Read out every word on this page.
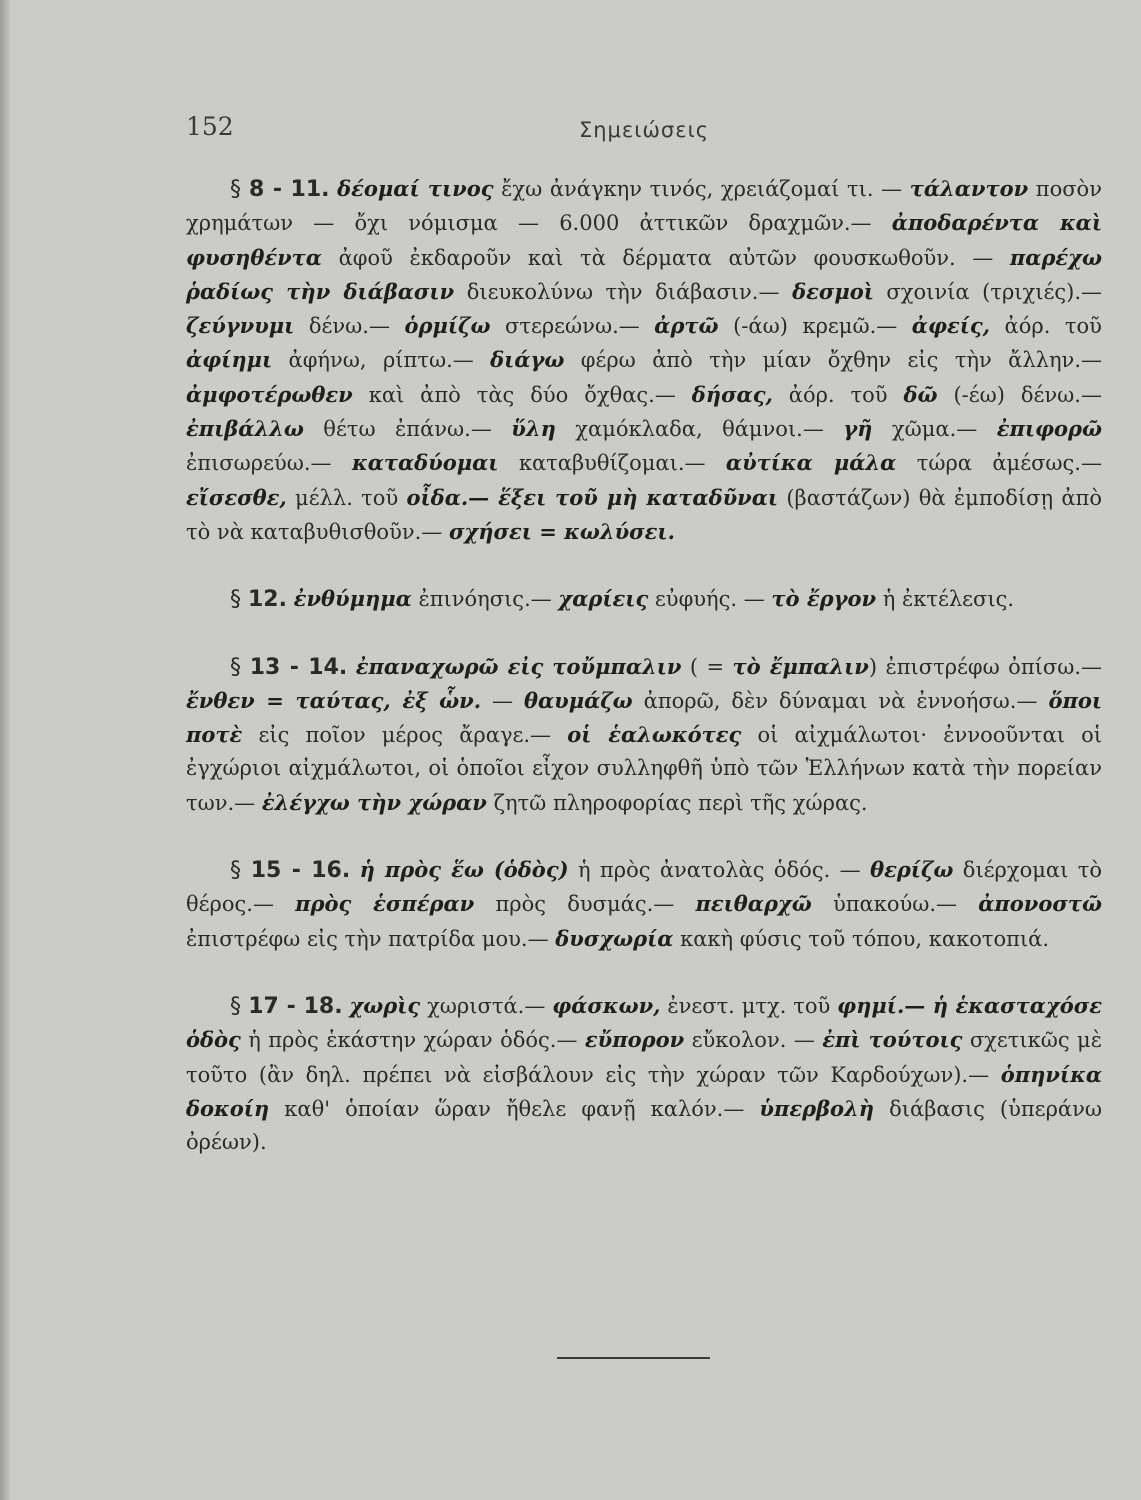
152	Σημειώσεις

§ 8 - 11. δέομαί τινος ἔχω ἀνάγκην τινός, χρειάζομαί τι. — τάλαντον ποσὸν χρημάτων — ὄχι νόμισμα — 6.000 ἀττικῶν δραχμῶν.— ἀποδαρέντα καὶ φυσηθέντα ἀφοῦ ἐκδαροῦν καὶ τὰ δέρματα αὐτῶν φουσκωθοῦν. — παρέχω ῥαδίως τὴν διάβασιν διευκολύνω τὴν διάβασιν.— δεσμοὶ σχοινία (τριχιές).— ζεύγνυμι δένω.— ὁρμίζω στερεώνω.— ἀρτῶ (-άω) κρεμῶ.— ἀφείς, ἀόρ. τοῦ ἀφίημι ἀφήνω, ρίπτω.— διάγω φέρω ἀπὸ τὴν μίαν ὄχθην εἰς τὴν ἄλλην.— ἀμφοτέρωθεν καὶ ἀπὸ τὰς δύο ὄχθας.— δήσας, ἀόρ. τοῦ δῶ (-έω) δένω.— ἐπιβάλλω θέτω ἐπάνω.— ὕλη χαμόκλαδα, θάμνοι.— γῆ χῶμα.— ἐπιφορῶ ἐπισωρεύω.— καταδύομαι καταβυθίζομαι.— αὐτίκα μάλα τώρα ἀμέσως.— εἴσεσθε, μέλλ. τοῦ οἶδα.— ἕξει τοῦ μὴ καταδῦναι (βαστάζων) θὰ ἐμποδίσῃ ἀπὸ τὸ νὰ καταβυθισθοῦν.— σχήσει = κωλύσει.

§ 12. ἐνθύμημα ἐπινόησις.— χαρίεις εὐφυής. — τὸ ἔργον ἡ ἐκτέλεσις.

§ 13 - 14. ἐπαναχωρῶ εἰς τοὔμπαλιν ( = τὸ ἔμπαλιν) ἐπιστρέφω ὀπίσω.— ἔνθεν = ταύτας, ἐξ ὧν. — θαυμάζω ἀπορῶ, δὲν δύναμαι νὰ ἐννοήσω.— ὅποι ποτὲ εἰς ποῖον μέρος ἄραγε.— οἱ ἑαλωκότες οἱ αἰχμάλωτοι· ἐννοοῦνται οἱ ἐγχώριοι αἰχμάλωτοι, οἱ ὁποῖοι εἶχον συλληφθῆ ὑπὸ τῶν Ἑλλήνων κατὰ τὴν πορείαν των.— ἐλέγχω τὴν χώραν ζητῶ πληροφορίας περὶ τῆς χώρας.

§ 15 - 16. ἡ πρὸς ἕω (ὁδὸς) ἡ πρὸς ἀνατολὰς ὁδός. — θερίζω διέρχομαι τὸ θέρος.— πρὸς ἑσπέραν πρὸς δυσμάς.— πειθαρχῶ ὑπακούω.— ἀπονοστῶ ἐπιστρέφω εἰς τὴν πατρίδα μου.— δυσχωρία κακὴ φύσις τοῦ τόπου, κακοτοπιά.

§ 17 - 18. χωρὶς χωριστά.— φάσκων, ἐνεστ. μτχ. τοῦ φημί.— ἡ ἑκασταχόσε ὁδὸς ἡ πρὸς ἑκάστην χώραν ὁδός.— εὔπορον εὔκολον. — ἐπὶ τούτοις σχετικῶς μὲ τοῦτο (ἂν δηλ. πρέπει νὰ εἰσβάλουν εἰς τὴν χώραν τῶν Καρδούχων).— ὁπηνίκα δοκοίη καθ' ὁποίαν ὥραν ἤθελε φανῇ καλόν.— ὑπερβολὴ διάβασις (ὑπεράνω ὀρέων).
